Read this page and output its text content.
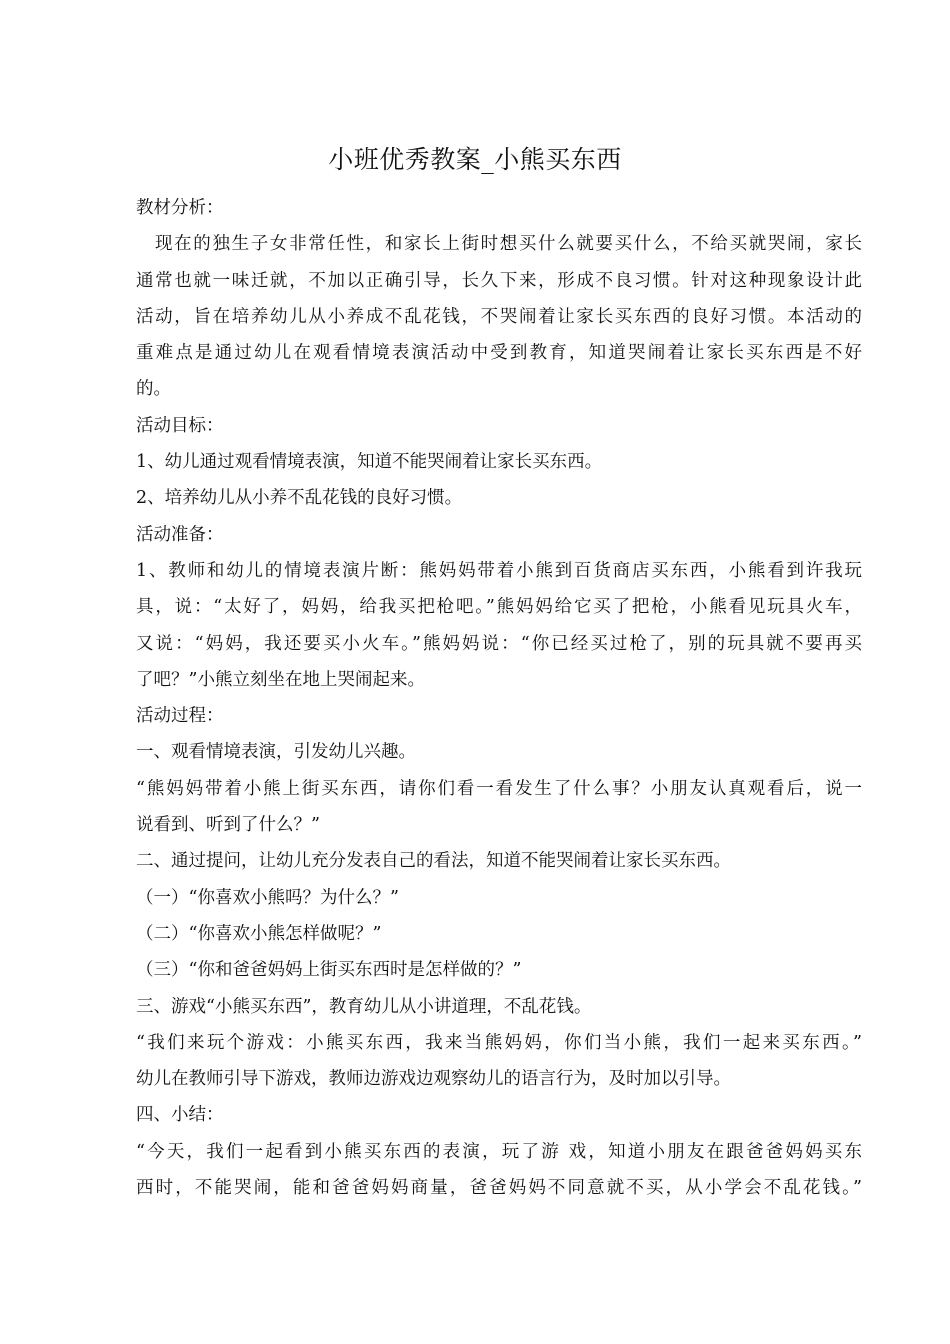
小班优秀教案_小熊买东西
教材分析：
现在的独生子女非常任性，和家长上街时想买什么就要买什么，不给买就哭闹，家长
通常也就一味迁就，不加以正确引导，长久下来，形成不良习惯。针对这种现象设计此
活动，旨在培养幼儿从小养成不乱花钱，不哭闹着让家长买东西的良好习惯。本活动的
重难点是通过幼儿在观看情境表演活动中受到教育，知道哭闹着让家长买东西是不好
的。
活动目标：
1、幼儿通过观看情境表演，知道不能哭闹着让家长买东西。
2、培养幼儿从小养不乱花钱的良好习惯。
活动准备：
1、教师和幼儿的情境表演片断：熊妈妈带着小熊到百货商店买东西，小熊看到许我玩
具，说：“太好了，妈妈，给我买把枪吧。”熊妈妈给它买了把枪，小熊看见玩具火车，
又说：“妈妈，我还要买小火车。”熊妈妈说：“你已经买过枪了，别的玩具就不要再买
了吧？”小熊立刻坐在地上哭闹起来。
活动过程：
一、观看情境表演，引发幼儿兴趣。
“熊妈妈带着小熊上街买东西，请你们看一看发生了什么事？小朋友认真观看后，说一
说看到、听到了什么？”
二、通过提问，让幼儿充分发表自己的看法，知道不能哭闹着让家长买东西。
（一）“你喜欢小熊吗？为什么？”
（二）“你喜欢小熊怎样做呢？”
（三）“你和爸爸妈妈上街买东西时是怎样做的？”
三、游戏“小熊买东西”，教育幼儿从小讲道理，不乱花钱。
“我们来玩个游戏：小熊买东西，我来当熊妈妈，你们当小熊，我们一起来买东西。”
幼儿在教师引导下游戏，教师边游戏边观察幼儿的语言行为，及时加以引导。
四、小结：
“今天，我们一起看到小熊买东西的表演，玩了游 戏，知道小朋友在跟爸爸妈妈买东
西时，不能哭闹，能和爸爸妈妈商量，爸爸妈妈不同意就不买，从小学会不乱花钱。”
